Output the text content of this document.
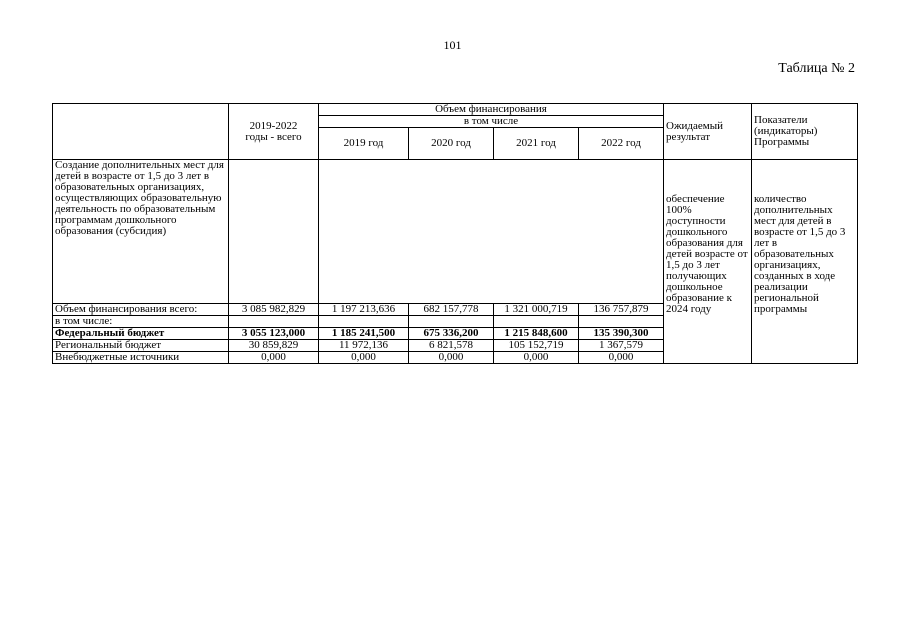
101
Таблица № 2

	2019-2022 годы - всего	Объем финансирования				Ожидаемый результат	Показатели (индикаторы) Программы

		в том числе					
		2019 год	2020 год	2021 год	2022 год		
Создание дополнительных мест для детей в возрасте от 1,5 до 3 лет в образовательных организациях, осуществляющих образовательную деятельность по образовательным программам дошкольного образования (субсидия)						обеспечение 100% доступности дошкольного образования для детей возрасте от 1,5 до 3 лет получающих дошкольное образование к 2024 году	количество дополнительных мест для детей в возрасте от 1,5 до 3 лет в образовательных организациях, созданных в ходе реализации региональной программы

Объем финансирования всего:	3 085 982,829	1 197 213,636	682 157,778	1 321 000,719	136 757,879		
в том числе:							
Федеральный бюджет	3 055 123,000	1 185 241,500	675 336,200	1 215 848,600	135 390,300		
Региональный бюджет	30 859,829	11 972,136	6 821,578	105 152,719	1 367,579		
Внебюджетные источники	0,000	0,000	0,000	0,000	0,000		
